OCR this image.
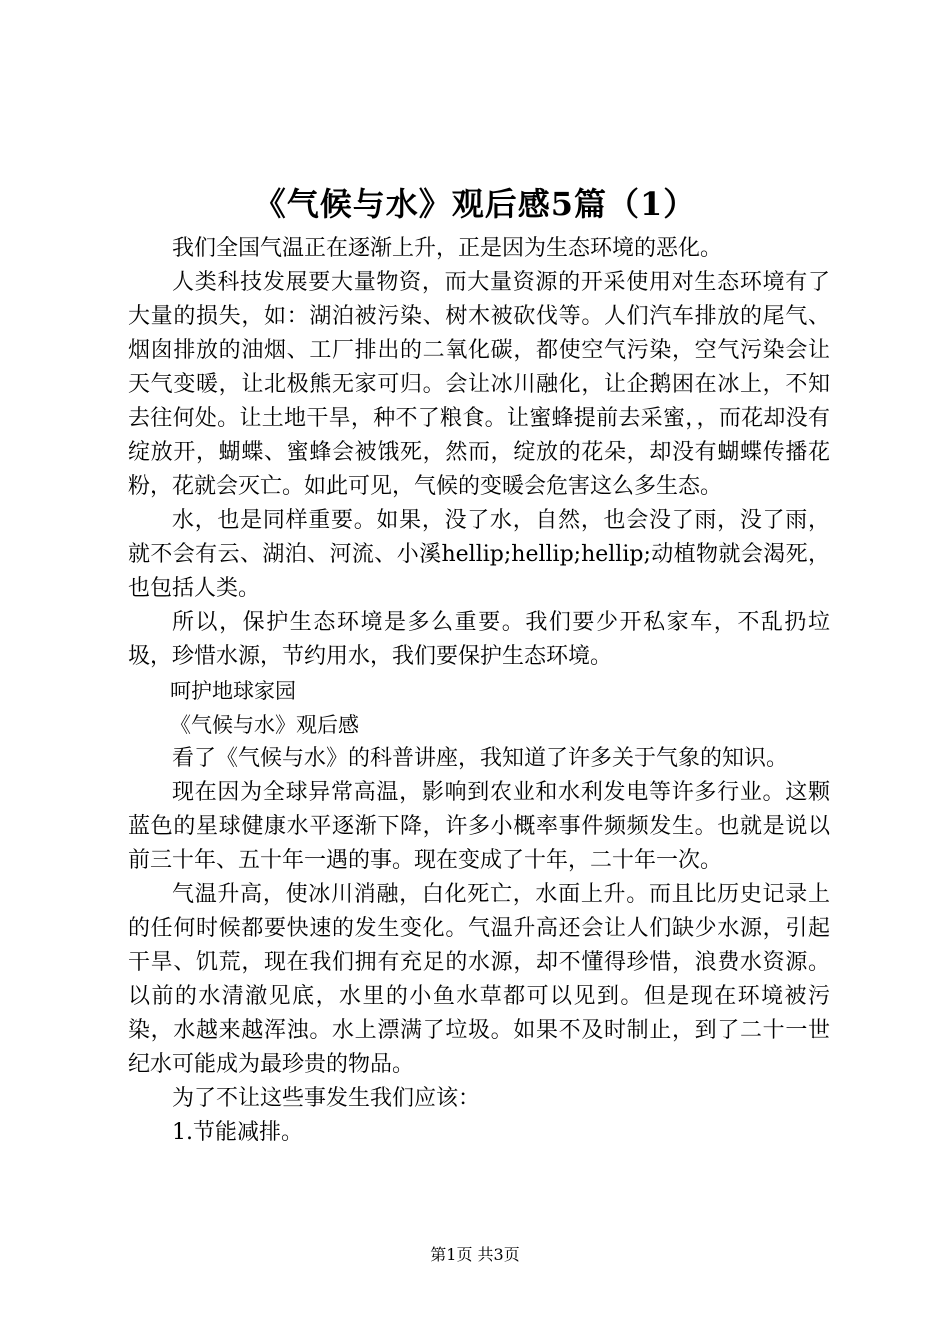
《气候与水》观后感5篇（1）

我们全国气温正在逐渐上升，正是因为生态环境的恶化。

人类科技发展要大量物资，而大量资源的开采使用对生态环境有了大量的损失，如：湖泊被污染、树木被砍伐等。人们汽车排放的尾气、烟囱排放的油烟、工厂排出的二氧化碳，都使空气污染，空气污染会让天气变暖，让北极熊无家可归。会让冰川融化，让企鹅困在冰上，不知去往何处。让土地干旱，种不了粮食。让蜜蜂提前去采蜜，，而花却没有绽放开，蝴蝶、蜜蜂会被饿死，然而，绽放的花朵，却没有蝴蝶传播花粉，花就会灭亡。如此可见，气候的变暖会危害这么多生态。

水，也是同样重要。如果，没了水，自然，也会没了雨，没了雨，就不会有云、湖泊、河流、小溪hellip;hellip;hellip;动植物就会渴死，也包括人类。

所以，保护生态环境是多么重要。我们要少开私家车，不乱扔垃圾，珍惜水源，节约用水，我们要保护生态环境。

呵护地球家园

《气候与水》观后感

看了《气候与水》的科普讲座，我知道了许多关于气象的知识。

现在因为全球异常高温，影响到农业和水利发电等许多行业。这颗蓝色的星球健康水平逐渐下降，许多小概率事件频频发生。也就是说以前三十年、五十年一遇的事。现在变成了十年，二十年一次。

气温升高，使冰川消融，白化死亡，水面上升。而且比历史记录上的任何时候都要快速的发生变化。气温升高还会让人们缺少水源，引起干旱、饥荒，现在我们拥有充足的水源，却不懂得珍惜，浪费水资源。以前的水清澈见底，水里的小鱼水草都可以见到。但是现在环境被污染，水越来越浑浊。水上漂满了垃圾。如果不及时制止，到了二十一世纪水可能成为最珍贵的物品。

为了不让这些事发生我们应该：

1.节能减排。

第1页 共3页
